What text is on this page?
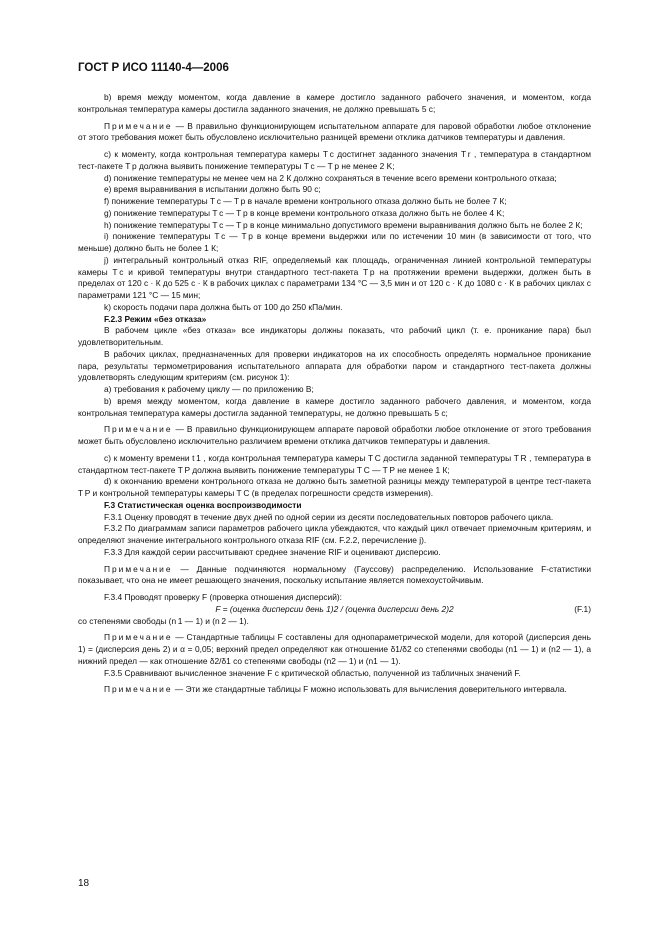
ГОСТ Р ИСО 11140-4—2006

b) время между моментом, когда давление в камере достигло заданного рабочего значения, и моментом, когда контрольная температура камеры достигла заданного значения, не должно превышать 5 с;

Примечание — В правильно функционирующем испытательном аппарате для паровой обработки любое отклонение от этого требования может быть обусловлено исключительно разницей времени отклика датчиков температуры и давления.

c) к моменту, когда контрольная температура камеры T c достигнет заданного значения T r , температура в стандартном тест-пакете T p должна выявить понижение температуры T c — T p не менее 2 K;

d) понижение температуры не менее чем на 2 К должно сохраняться в течение всего времени контрольного отказа;

e) время выравнивания в испытании должно быть 90 с;

f) понижение температуры T c — T p в начале времени контрольного отказа должно быть не более 7 К;

g) понижение температуры T c — T p в конце времени контрольного отказа должно быть не более 4 K;

h) понижение температуры T c — T p в конце минимально допустимого времени выравнивания должно быть не более 2 К;

i) понижение температуры T c — T p в конце времени выдержки или по истечении 10 мин (в зависимости от того, что меньше) должно быть не более 1 К;

j) интегральный контрольный отказ RIF, определяемый как площадь, ограниченная линией контрольной температуры камеры T c и кривой температуры внутри стандартного тест-пакета T p на протяжении времени выдержки, должен быть в пределах от 120 с · К до 525 с · К в рабочих циклах с параметрами 134 °C — 3,5 мин и от 120 с · К до 1080 с · К в рабочих циклах с параметрами 121 °C — 15 мин;

k) скорость подачи пара должна быть от 100 до 250 кПа/мин.

F.2.3 Режим «без отказа»

В рабочем цикле «без отказа» все индикаторы должны показать, что рабочий цикл (т. е. проникание пара) был удовлетворительным.

В рабочих циклах, предназначенных для проверки индикаторов на их способность определять нормальное проникание пара, результаты термометрирования испытательного аппарата для обработки паром и стандартного тест-пакета должны удовлетворять следующим критериям (см. рисунок 1):

a) требования к рабочему циклу — по приложению В;

b) время между моментом, когда давление в камере достигло заданного рабочего давления, и моментом, когда контрольная температура камеры достигла заданной температуры, не должно превышать 5 с;

Примечание — В правильно функционирующем аппарате паровой обработки любое отклонение от этого требования может быть обусловлено исключительно различием времени отклика датчиков температуры и давления.

c) к моменту времени t 1 , когда контрольная температура камеры T C достигла заданной температуры T R , температура в стандартном тест-пакете T P должна выявить понижение температуры T C — T P не менее 1 К;

d) к окончанию времени контрольного отказа не должно быть заметной разницы между температурой в центре тест-пакета T P и контрольной температуры камеры T C (в пределах погрешности средств измерения).

F.3 Статистическая оценка воспроизводимости

F.3.1 Оценку проводят в течение двух дней по одной серии из десяти последовательных повторов рабочего цикла.

F.3.2 По диаграммам записи параметров рабочего цикла убеждаются, что каждый цикл отвечает приемочным критериям, и определяют значение интегрального контрольного отказа RIF (см. F.2.2, перечисление j).

F.3.3 Для каждой серии рассчитывают среднее значение RIF и оценивают дисперсию.

Примечание — Данные подчиняются нормальному (Гауссову) распределению. Использование F-статистики показывает, что она не имеет решающего значения, поскольку испытание является помехоустойчивым.

F.3.4 Проводят проверку F (проверка отношения дисперсий):

F = (оценка дисперсии день 1)2 / (оценка дисперсии день 2)2	(F.1)

со степенями свободы (n 1 — 1) и (n 2 — 1).

Примечание — Стандартные таблицы F составлены для однопараметрической модели, для которой (дисперсия день 1) = (дисперсия день 2) и α = 0,05; верхний предел определяют как отношение δ1/δ2 со степенями свободы (n1 — 1) и (n2 — 1), а нижний предел — как отношение δ2/δ1 со степенями свободы (n2 — 1) и (n1 — 1).

F.3.5 Сравнивают вычисленное значение F с критической областью, полученной из табличных значений F.

Примечание — Эти же стандартные таблицы F можно использовать для вычисления доверительного интервала.

18
